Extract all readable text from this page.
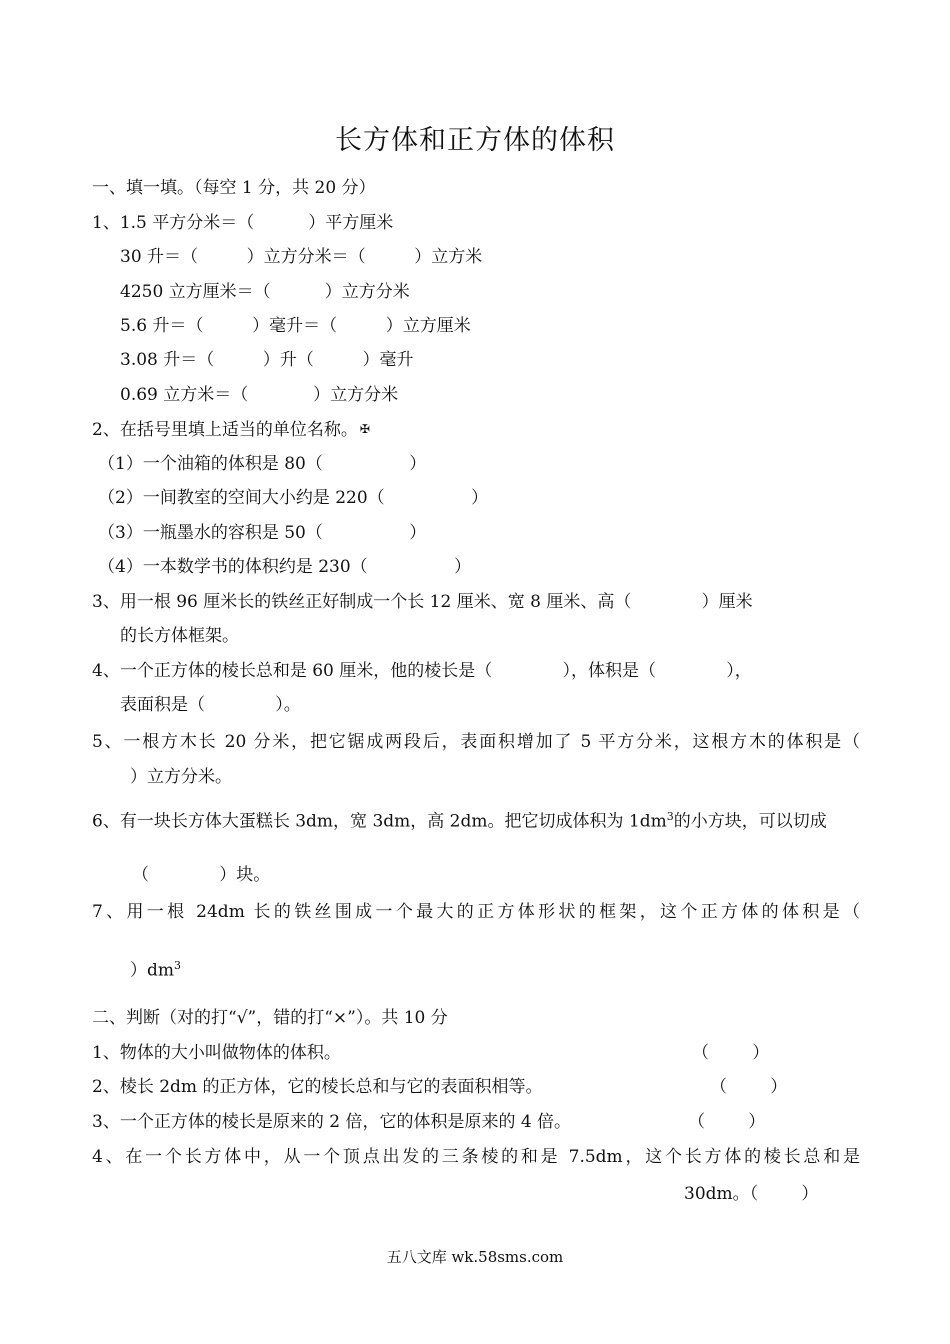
长方体和正方体的体积
一、填一填。（每空 1 分，共 20 分）
1、1.5 平方分米＝（          ）平方厘米
30 升＝（         ）立方分米＝（         ）立方米
4250 立方厘米＝（          ）立方分米
5.6 升＝（         ）毫升＝（         ）立方厘米
3.08 升＝（         ）升（         ）毫升
0.69 立方米＝（            ）立方分米
2、在括号里填上适当的单位名称。 ✠
（1）一个油箱的体积是 80（                ）
（2）一间教室的空间大小约是 220（                ）
（3）一瓶墨水的容积是 50（                ）
（4）一本数学书的体积约是 230（                ）
3、用一根 96 厘米长的铁丝正好制成一个长 12 厘米、宽 8 厘米、高（             ）厘米
的长方体框架。
4、一个正方体的棱长总和是 60 厘米，他的棱长是（             ），体积是（             ），
表面积是（             ）。
5、一根方木长 20 分米，把它锯成两段后，表面积增加了 5 平方分米，这根方木的体积是（
）立方分米。
6、有一块长方体大蛋糕长 3dm，宽 3dm，高 2dm。把它切成体积为 $1dm^3$的小方块，可以切成
（             ）块。
7、用一根 24dm 长的铁丝围成一个最大的正方体形状的框架，这个正方体的体积是（
）$dm^3$
二、判断（对的打“√”，错的打“×”）。共 10 分
1、物体的大小叫做物体的体积。	（        ）
2、棱长 2dm 的正方体，它的棱长总和与它的表面积相等。	（        ）
3、一个正方体的棱长是原来的 2 倍，它的体积是原来的 4 倍。	（        ）
4、在一个长方体中，从一个顶点出发的三条棱的和是 7.5dm，这个长方体的棱长总和是
30dm。（        ）
五八文库 wk.58sms.com
